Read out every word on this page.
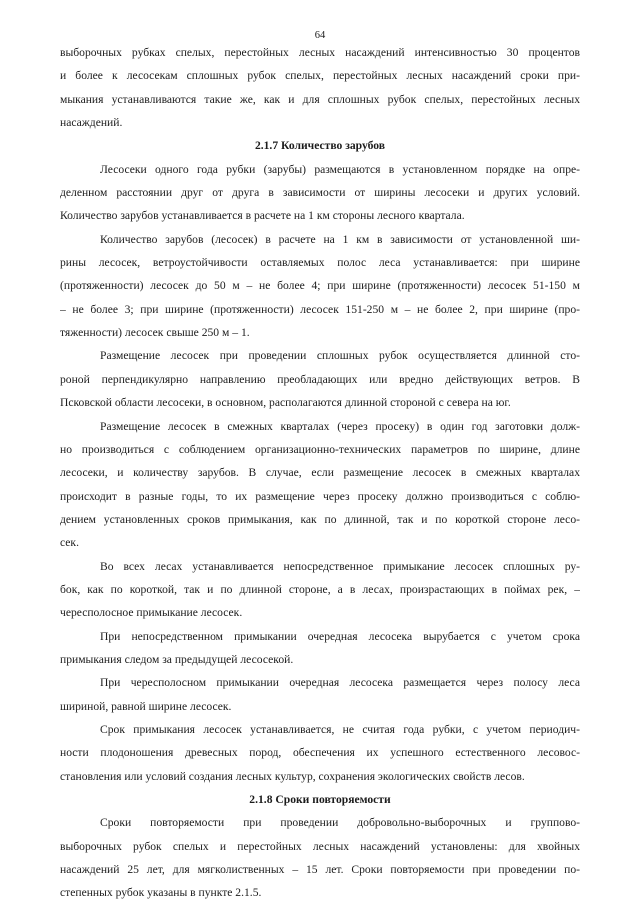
64
выборочных рубках спелых, перестойных лесных насаждений интенсивностью 30 процентов
и более к лесосекам сплошных рубок спелых, перестойных лесных насаждений сроки при-
мыкания устанавливаются такие же, как и для сплошных рубок спелых, перестойных лесных
насаждений.
2.1.7 Количество зарубов
Лесосеки одного года рубки (зарубы) размещаются в установленном порядке на опре-
деленном расстоянии друг от друга в зависимости от ширины лесосеки и других условий.
Количество зарубов устанавливается в расчете на 1 км стороны лесного квартала.
Количество зарубов (лесосек) в расчете на 1 км в зависимости от установленной ши-
рины лесосек, ветроустойчивости оставляемых полос леса устанавливается: при ширине
(протяженности) лесосек до 50 м – не более 4; при ширине (протяженности) лесосек 51-150 м
– не более 3; при ширине (протяженности) лесосек 151-250 м – не более 2, при ширине (про-
тяженности) лесосек свыше 250 м – 1.
Размещение лесосек при проведении сплошных рубок осуществляется длинной сто-
роной перпендикулярно направлению преобладающих или вредно действующих ветров. В
Псковской области лесосеки, в основном, располагаются длинной стороной с севера на юг.
Размещение лесосек в смежных кварталах (через просеку) в один год заготовки долж-
но производиться с соблюдением организационно-технических параметров по ширине, длине
лесосеки, и количеству зарубов. В случае, если размещение лесосек в смежных кварталах
происходит в разные годы, то их размещение через просеку должно производиться с соблю-
дением установленных сроков примыкания, как по длинной, так и по короткой стороне лесо-
сек.
Во всех лесах устанавливается непосредственное примыкание лесосек сплошных ру-
бок, как по короткой, так и по длинной стороне, а в лесах, произрастающих в поймах рек, –
чересполосное примыкание лесосек.
При непосредственном примыкании очередная лесосека вырубается с учетом срока
примыкания следом за предыдущей лесосекой.
При чересполосном примыкании очередная лесосека размещается через полосу леса
шириной, равной ширине лесосек.
Срок примыкания лесосек устанавливается, не считая года рубки, с учетом периодич-
ности плодоношения древесных пород, обеспечения их успешного естественного лесовос-
становления или условий создания лесных культур, сохранения экологических свойств лесов.
2.1.8 Сроки повторяемости
Сроки повторяемости при проведении добровольно-выборочных и группово-
выборочных рубок спелых и перестойных лесных насаждений установлены: для хвойных
насаждений 25 лет, для мягколиственных – 15 лет. Сроки повторяемости при проведении по-
степенных рубок указаны в пункте 2.1.5.
